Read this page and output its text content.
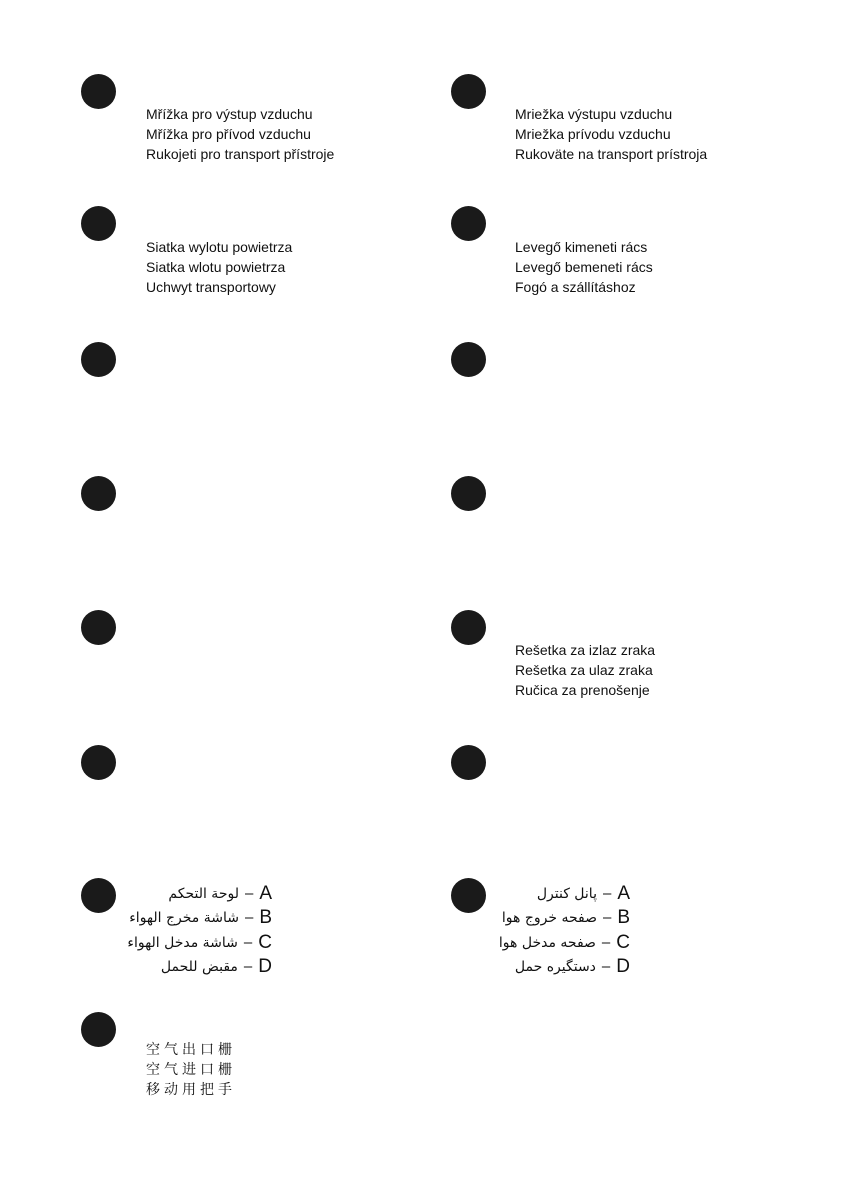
Mřížka pro výstup vzduchu
Mřížka pro přívod vzduchu
Rukojeti pro transport přístroje
Mriežka výstupu vzduchu
Mriežka prívodu vzduchu
Rukoväte na transport prístroja
Siatka wylotu powietrza
Siatka wlotu powietrza
Uchwyt transportowy
Levegő kimeneti rács
Levegő bemeneti rács
Fogó a szállításhoz
Rešetka za izlaz zraka
Rešetka za ulaz zraka
Ručica za prenošenje
لوحة التحكم – A
شاشة مخرج الهواء – B
شاشة مدخل الهواء – C
مقبض للحمل – D
پانل کنترل – A
صفحه خروج هوا – B
صفحه مدخل هوا – C
دستگیره حمل – D
空气出口栅
空气进口栅
移动用把手
